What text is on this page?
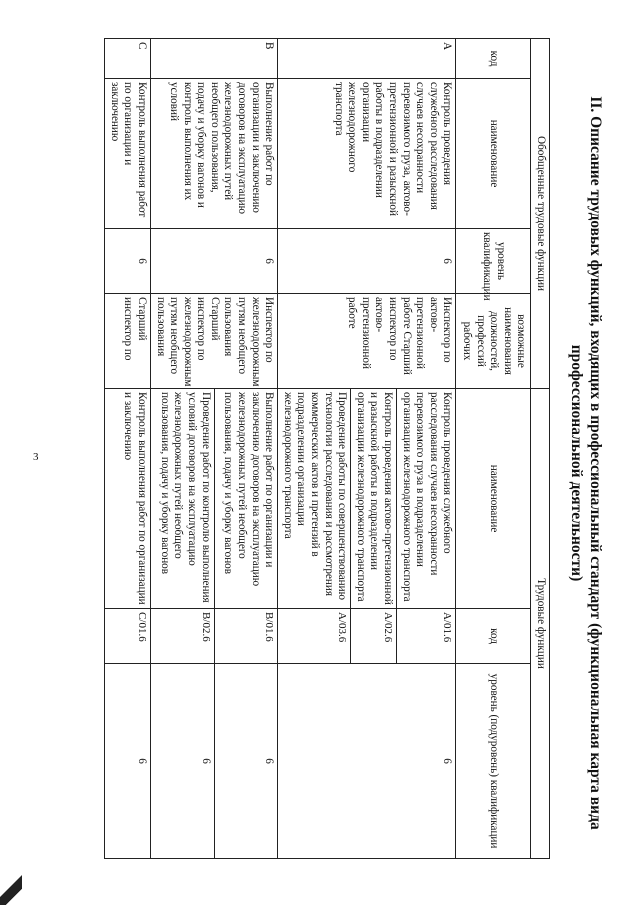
3	II. Описание трудовых функций, входящих в профессиональный стандарт (функциональная карта вида
профессиональной деятельности)
Обобщенные трудовые функции				Трудовые функции		
код	наименование	уровень квалификации	возможные наименования должностей, профессий рабочих	наименование	код	уровень (подуровень) квалификации
А	Контроль проведения служебного расследования случаев несохранности перевозимого груза, актово-претензионной и разыскной работы в подразделении организации железнодорожного транспорта	6	Инспектор по актово-претензионной работе Старший инспектор по актово-претензионной работе	Контроль проведения служебного расследования случаев несохранности перевозимого груза в подразделении организации железнодорожного транспорта	A/01.6	6
				Контроль проведения актово-претензионной и разыскной работы в подразделении организации железнодорожного транспорта	A/02.6	
				Проведение работы по совершенствованию технологии расследования и рассмотрения коммерческих актов и претензий в подразделении организации железнодорожного транспорта	A/03.6	
В	Выполнение работ по организации и заключению договоров на эксплуатацию железнодорожных путей необщего пользования, подачу и уборку вагонов и контроль выполнения их условий	6	Инспектор по железнодорожным путям необщего пользования Старший инспектор по железнодорожным путям необщего пользования	Выполнение работ по организации и заключению договоров на эксплуатацию железнодорожных путей необщего пользования, подачу и уборку вагонов	B/01.6	6
				Проведение работ по контролю выполнения условий договоров на эксплуатацию железнодорожных путей необщего пользования, подачу и уборку вагонов	B/02.6	6
С	Контроль выполнения работ по организации и заключению	6	Старший инспектор по	Контроль выполнения работ по организации и заключению	C/01.6	6
